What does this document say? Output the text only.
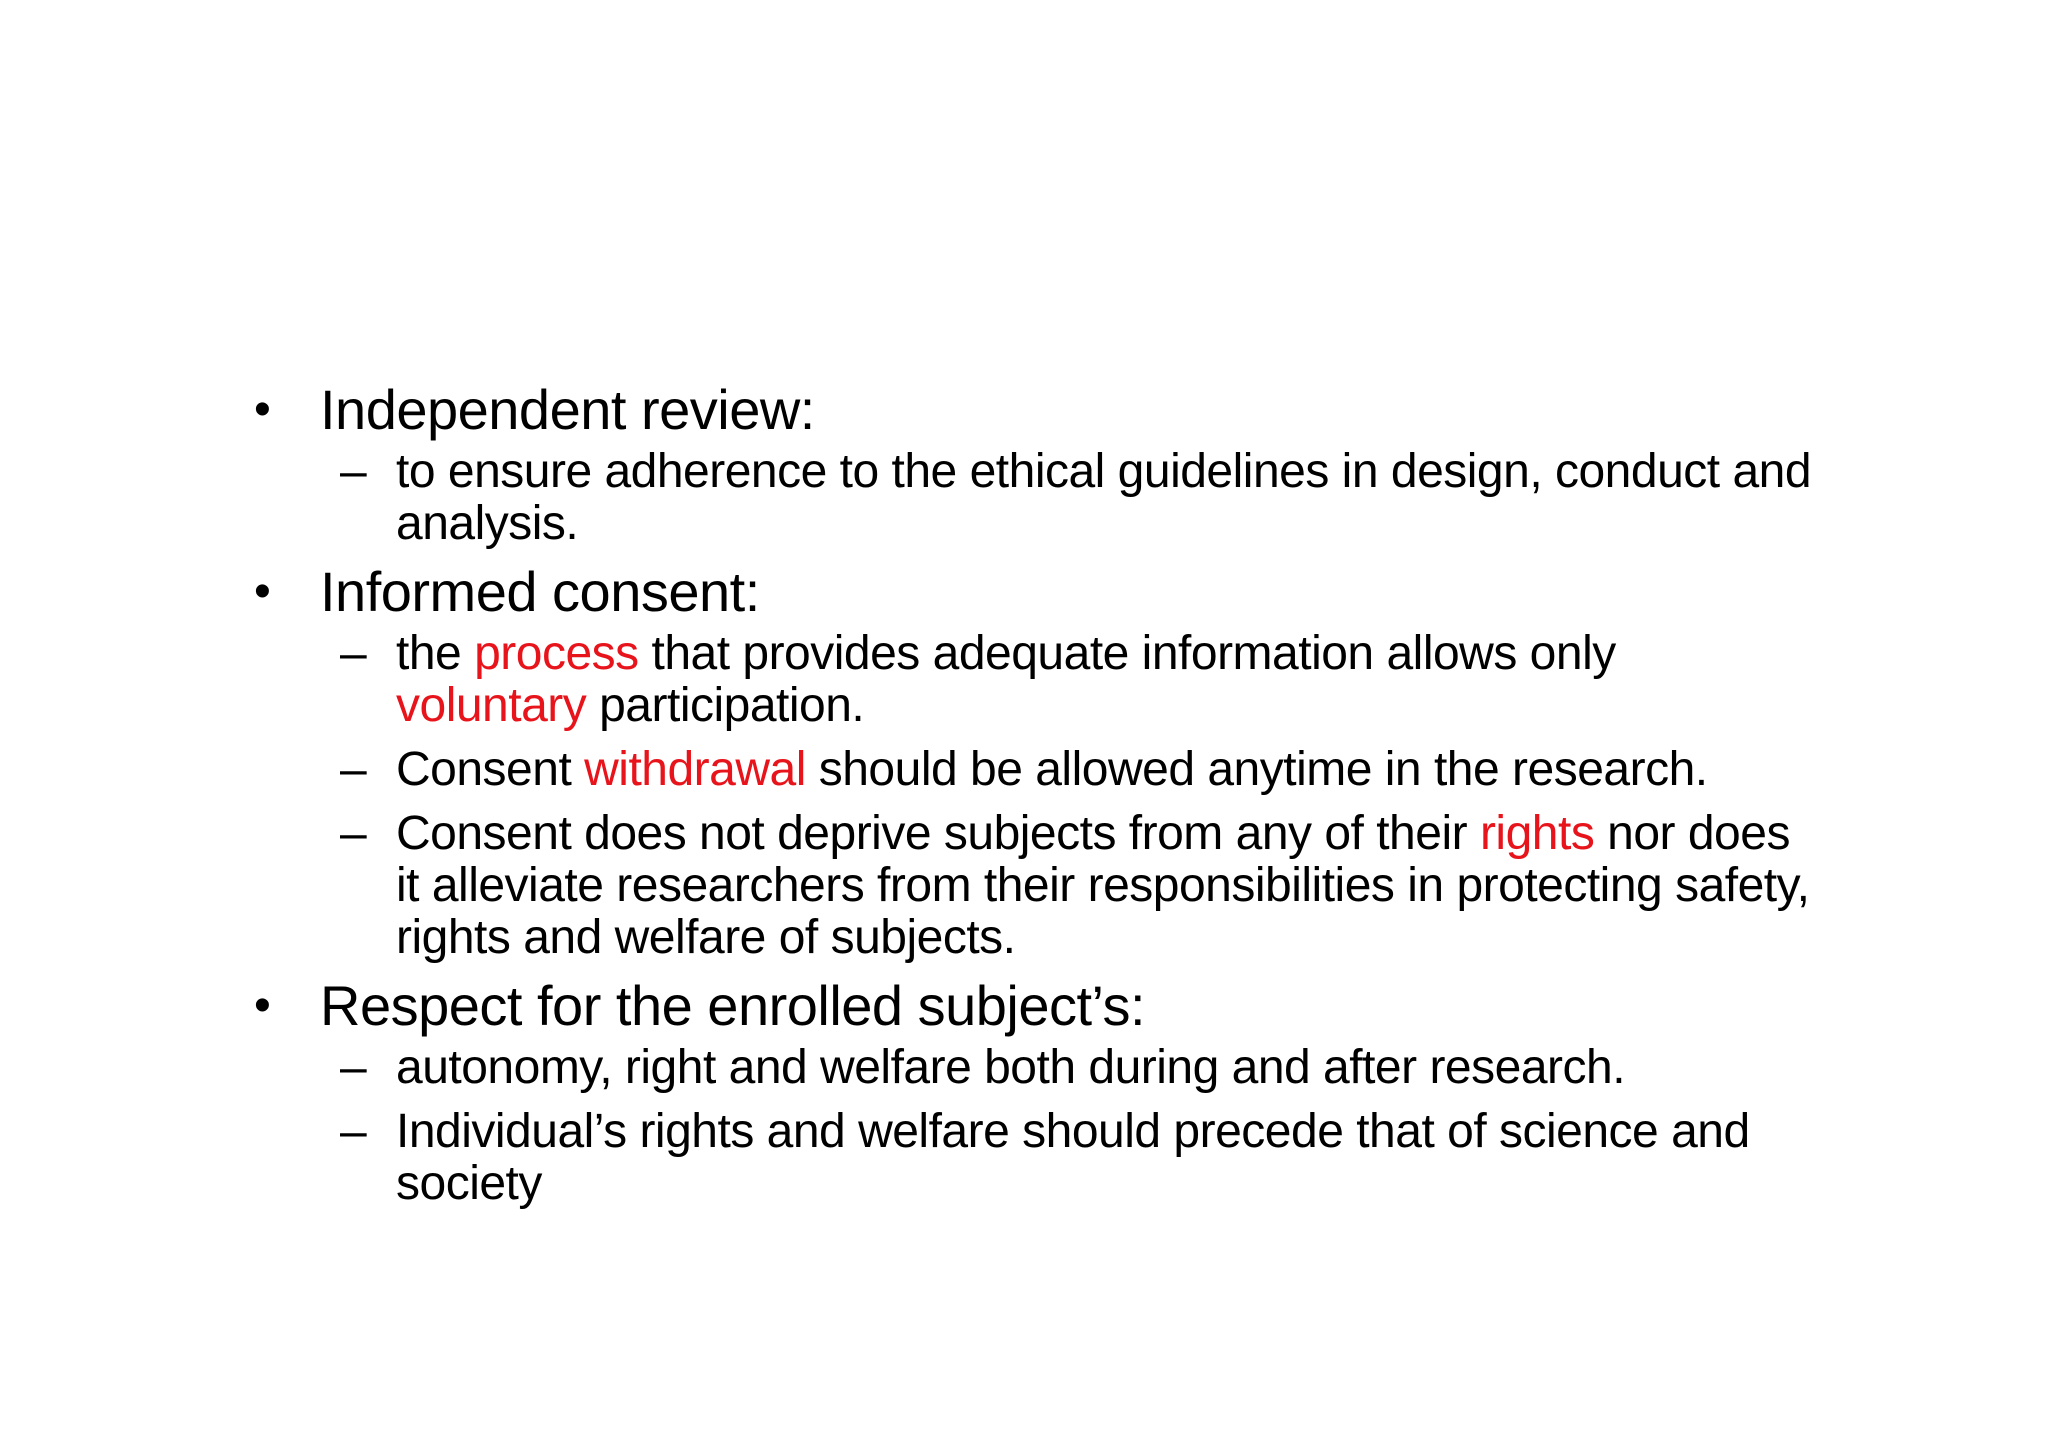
• Independent review:
– to ensure adherence to the ethical guidelines in design, conduct and analysis.
• Informed consent:
– the process that provides adequate information allows only voluntary participation.
– Consent withdrawal should be allowed anytime in the research.
– Consent does not deprive subjects from any of their rights nor does it alleviate researchers from their responsibilities in protecting safety, rights and welfare of subjects.
• Respect for the enrolled subject’s:
– autonomy, right and welfare both during and after research.
– Individual’s rights and welfare should precede that of science and society
